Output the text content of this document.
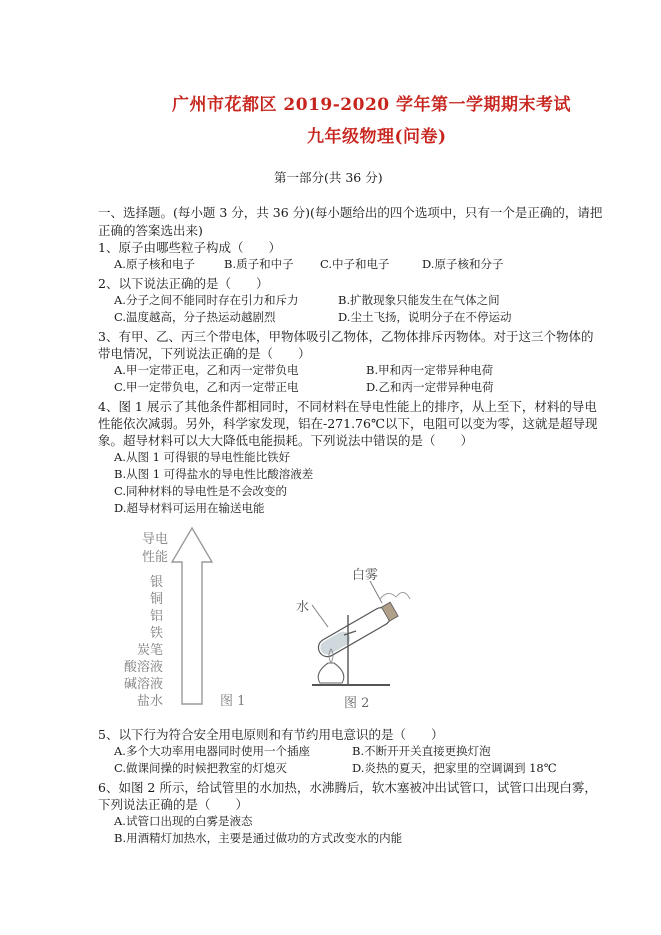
广州市花都区 2019-2020 学年第一学期期末考试
九年级物理(问卷)
第一部分(共 36 分)
一、选择题。(每小题 3 分，共 36 分)(每小题给出的四个选项中，只有一个是正确的，请把
正确的答案选出来)
1、原子由哪些粒子构成（　　）
A.原子核和电子	B.质子和中子 C.中子和电子	D.原子核和分子
2、以下说法正确的是（　　）
A.分子之间不能同时存在引力和斥力	B.扩散现象只能发生在气体之间
C.温度越高，分子热运动越剧烈	D.尘土飞扬，说明分子在不停运动
3、有甲、乙、丙三个带电体，甲物体吸引乙物体，乙物体排斥丙物体。对于这三个物体的
带电情况，下列说法正确的是（　　）
A.甲一定带正电，乙和丙一定带负电	B.甲和丙一定带异种电荷
C.甲一定带负电，乙和丙一定带正电	D.乙和丙一定带异种电荷
4、图 1 展示了其他条件都相同时，不同材料在导电性能上的排序，从上至下，材料的导电
性能依次减弱。另外，科学家发现，铝在-271.76℃以下，电阻可以变为零，这就是超导现
象。超导材料可以大大降低电能损耗。下列说法中错误的是（　　）
A.从图 1 可得银的导电性能比铁好
B.从图 1 可得盐水的导电性比酸溶液差
C.同种材料的导电性是不会改变的
D.超导材料可运用在输送电能
导电
性能
银
铜
铝
铁
炭笔
酸溶液
碱溶液
盐水	图 1
白雾
水
图 2
5、以下行为符合安全用电原则和有节约用电意识的是（　　）
A.多个大功率用电器同时使用一个插座	B.不断开开关直接更换灯泡
C.做课间操的时候把教室的灯熄灭	D.炎热的夏天，把家里的空调调到 18℃
6、如图 2 所示，给试管里的水加热，水沸腾后，软木塞被冲出试管口，试管口出现白雾，
下列说法正确的是（　　）
A.试管口出现的白雾是液态
B.用酒精灯加热水，主要是通过做功的方式改变水的内能
